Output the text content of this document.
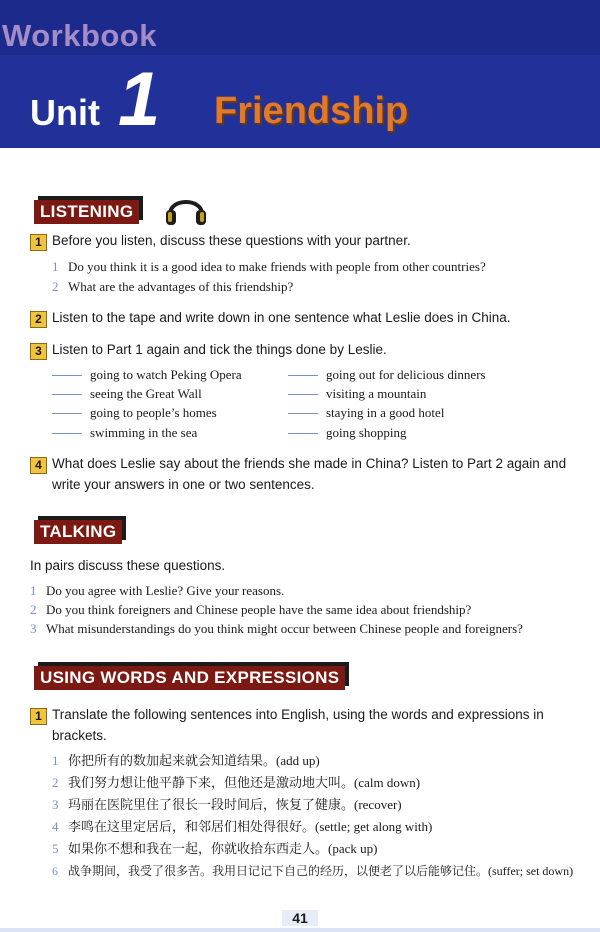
Workbook
Unit 1 Friendship
LISTENING
1 Before you listen, discuss these questions with your partner.
1 Do you think it is a good idea to make friends with people from other countries?
2 What are the advantages of this friendship?
2 Listen to the tape and write down in one sentence what Leslie does in China.
3 Listen to Part 1 again and tick the things done by Leslie.
going to watch Peking Opera
seeing the Great Wall
going to people’s homes
swimming in the sea
going out for delicious dinners
visiting a mountain
staying in a good hotel
going shopping
4 What does Leslie say about the friends she made in China? Listen to Part 2 again and
write your answers in one or two sentences.
TALKING
In pairs discuss these questions.
1 Do you agree with Leslie? Give your reasons.
2 Do you think foreigners and Chinese people have the same idea about friendship?
3 What misunderstandings do you think might occur between Chinese people and foreigners?
USING WORDS AND EXPRESSIONS
1 Translate the following sentences into English, using the words and expressions in
brackets.
1 你把所有的数加起来就会知道结果。(add up)
2 我们努力想让他平静下来，但他还是激动地大叫。(calm down)
3 玛丽在医院里住了很长一段时间后，恢复了健康。(recover)
4 李鸣在这里定居后，和邻居们相处得很好。(settle; get along with)
5 如果你不想和我在一起，你就收拾东西走人。(pack up)
6 战争期间，我受了很多苦。我用日记记下自己的经历，以便老了以后能够记住。(suffer; set down)
41
